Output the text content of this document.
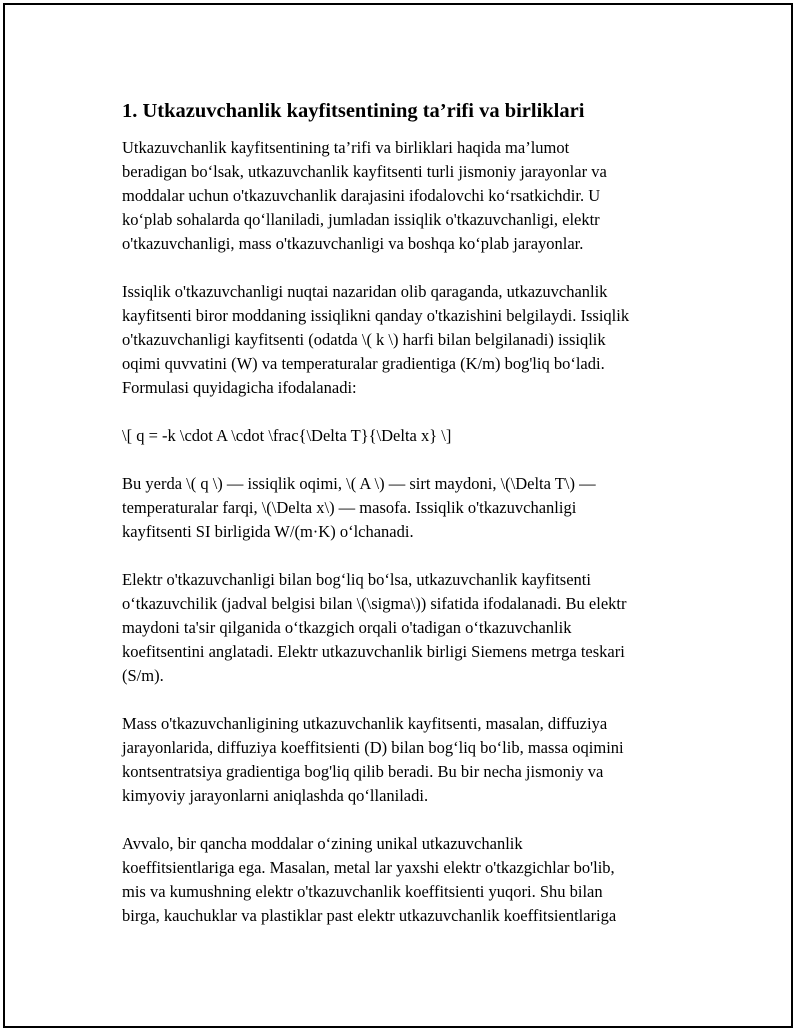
1. Utkazuvchanlik kayfitsentining ta’rifi va birliklari

Utkazuvchanlik kayfitsentining ta’rifi va birliklari haqida ma’lumot
beradigan bo‘lsak, utkazuvchanlik kayfitsenti turli jismoniy jarayonlar va
moddalar uchun o'tkazuvchanlik darajasini ifodalovchi ko‘rsatkichdir. U
ko‘plab sohalarda qo‘llaniladi, jumladan issiqlik o'tkazuvchanligi, elektr
o'tkazuvchanligi, mass o'tkazuvchanligi va boshqa ko‘plab jarayonlar.

Issiqlik o'tkazuvchanligi nuqtai nazaridan olib qaraganda, utkazuvchanlik
kayfitsenti biror moddaning issiqlikni qanday o'tkazishini belgilaydi. Issiqlik
o'tkazuvchanligi kayfitsenti (odatda \( k \) harfi bilan belgilanadi) issiqlik
oqimi quvvatini (W) va temperaturalar gradientiga (K/m) bog'liq bo‘ladi.
Formulasi quyidagicha ifodalanadi:

\[ q = -k \cdot A \cdot \frac{\Delta T}{\Delta x} \]

Bu yerda \( q \) — issiqlik oqimi, \( A \) — sirt maydoni, \(\Delta T\) —
temperaturalar farqi, \(\Delta x\) — masofa. Issiqlik o'tkazuvchanligi
kayfitsenti SI birligida W/(m·K) o‘lchanadi.

Elektr o'tkazuvchanligi bilan bog‘liq bo‘lsa, utkazuvchanlik kayfitsenti
o‘tkazuvchilik (jadval belgisi bilan \(\sigma\)) sifatida ifodalanadi. Bu elektr
maydoni ta'sir qilganida o‘tkazgich orqali o'tadigan o‘tkazuvchanlik
koefitsentini anglatadi. Elektr utkazuvchanlik birligi Siemens metrga teskari
(S/m).

Mass o'tkazuvchanligining utkazuvchanlik kayfitsenti, masalan, diffuziya
jarayonlarida, diffuziya koeffitsienti (D) bilan bog‘liq bo‘lib, massa oqimini
kontsentratsiya gradientiga bog'liq qilib beradi. Bu bir necha jismoniy va
kimyoviy jarayonlarni aniqlashda qo‘llaniladi.

Avvalo, bir qancha moddalar o‘zining unikal utkazuvchanlik
koeffitsientlariga ega. Masalan, metal lar yaxshi elektr o'tkazgichlar bo'lib,
mis va kumushning elektr o'tkazuvchanlik koeffitsienti yuqori. Shu bilan
birga, kauchuklar va plastiklar past elektr utkazuvchanlik koeffitsientlariga
